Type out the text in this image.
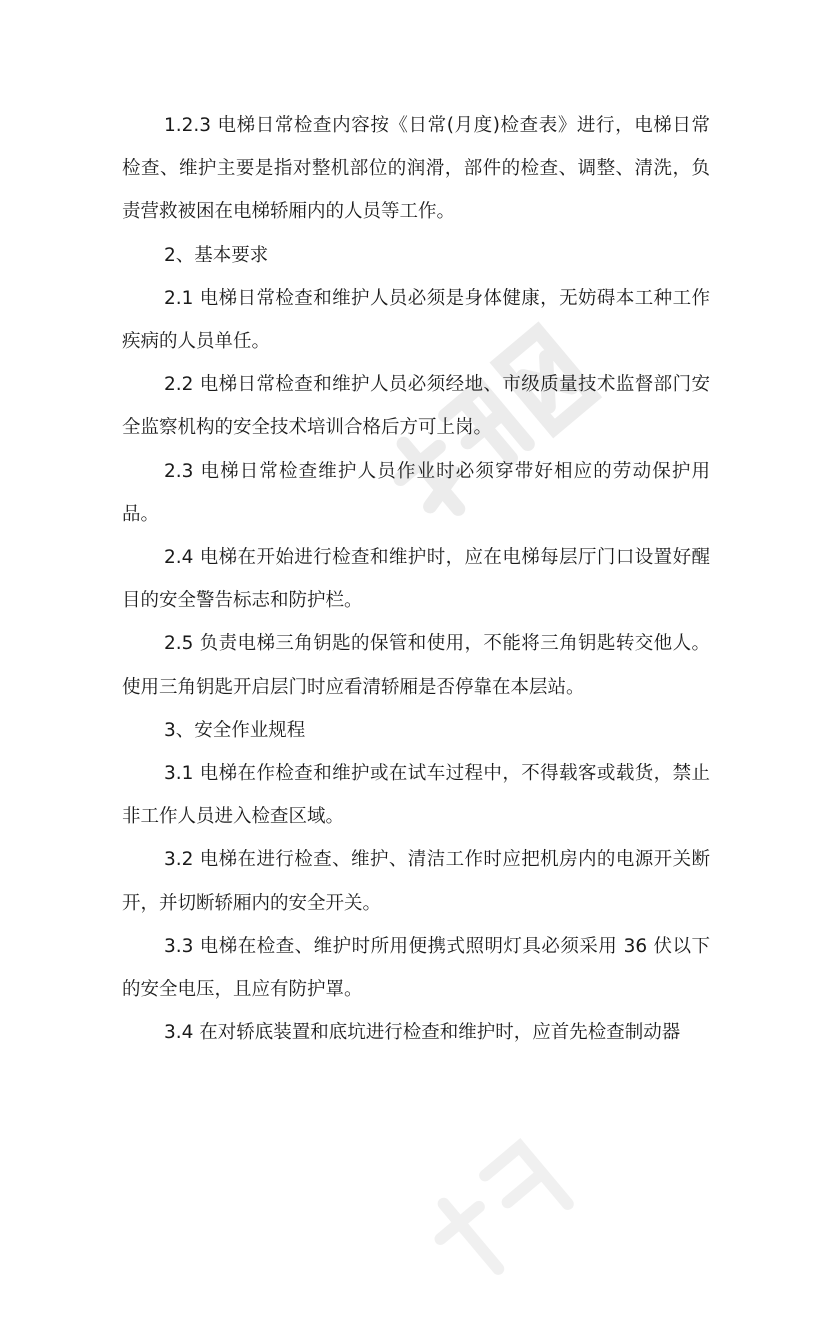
1.2.3 电梯日常检查内容按《日常(月度)检查表》进行，电梯日常检查、维护主要是指对整机部位的润滑，部件的检查、调整、清洗，负责营救被困在电梯轿厢内的人员等工作。

2、基本要求

2.1 电梯日常检查和维护人员必须是身体健康，无妨碍本工种工作疾病的人员单任。

2.2 电梯日常检查和维护人员必须经地、市级质量技术监督部门安全监察机构的安全技术培训合格后方可上岗。

2.3 电梯日常检查维护人员作业时必须穿带好相应的劳动保护用品。

2.4 电梯在开始进行检查和维护时，应在电梯每层厅门口设置好醒目的安全警告标志和防护栏。

2.5 负责电梯三角钥匙的保管和使用，不能将三角钥匙转交他人。使用三角钥匙开启层门时应看清轿厢是否停靠在本层站。

3、安全作业规程

3.1 电梯在作检查和维护或在试车过程中，不得载客或载货，禁止非工作人员进入检查区域。

3.2 电梯在进行检查、维护、清洁工作时应把机房内的电源开关断开，并切断轿厢内的安全开关。

3.3 电梯在检查、维护时所用便携式照明灯具必须采用 36 伏以下的安全电压，且应有防护罩。

3.4 在对轿底装置和底坑进行检查和维护时，应首先检查制动器
